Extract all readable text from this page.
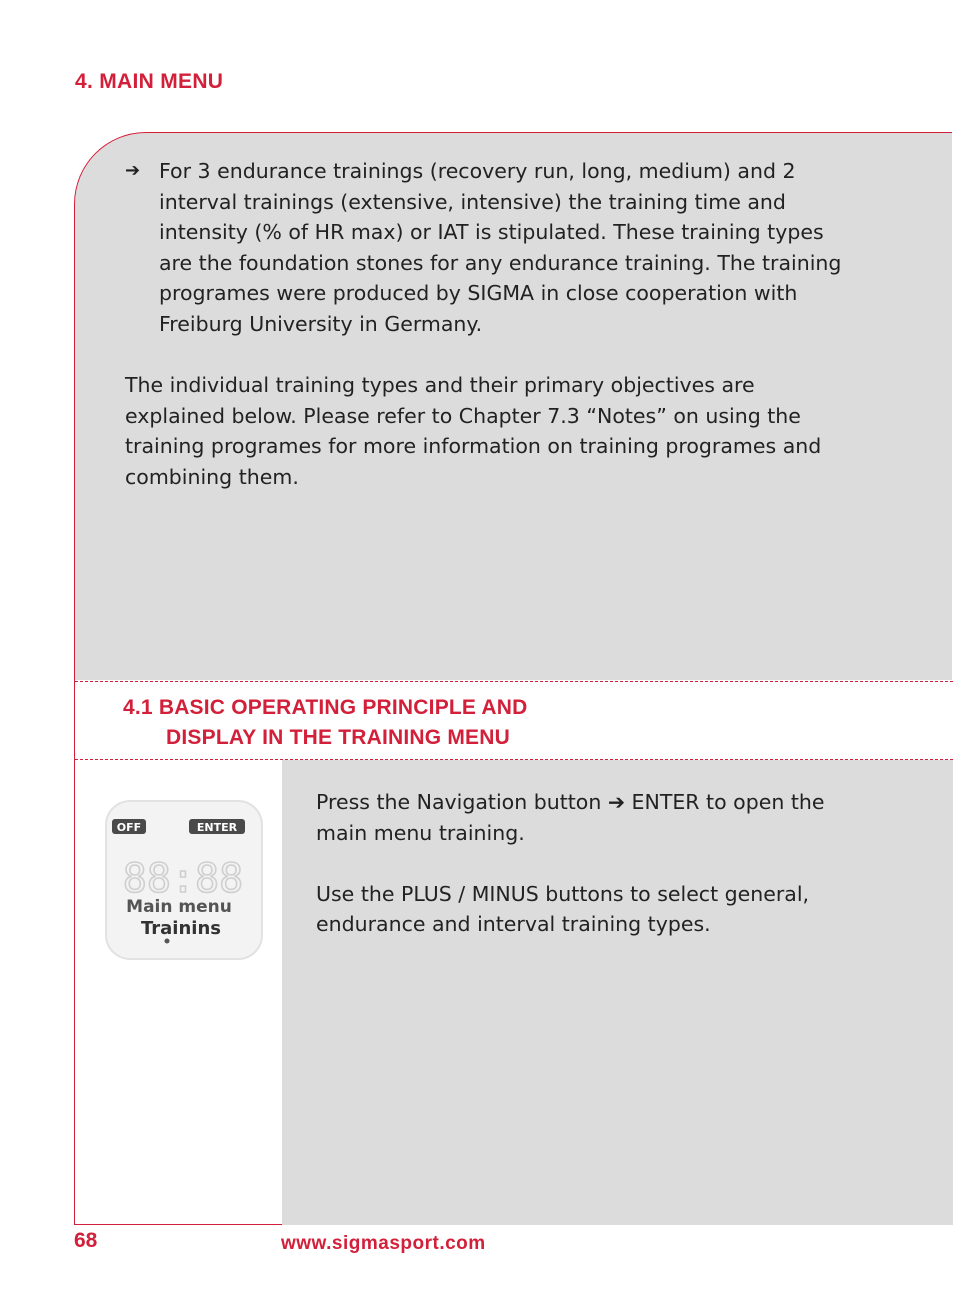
4. MAIN MENU
➔ For 3 endurance trainings (recovery run, long, medium) and 2 interval trainings (extensive, intensive) the training time and intensity (% of HR max) or IAT is stipulated. These training types are the foundation stones for any endurance training. The training programes were produced by SIGMA in close cooperation with Freiburg University in Germany.
The individual training types and their primary objectives are explained below. Please refer to Chapter 7.3 “Notes” on using the training programes for more information on training programes and combining them.
4.1 BASIC OPERATING PRINCIPLE AND
DISPLAY IN THE TRAINING MENU
OFF	ENTER
88:88
Main menu
Trainins

Press the Navigation button ➔ ENTER to open the main menu training.

Use the PLUS / MINUS buttons to select general, endurance and interval training types.

68	www.sigmasport.com
